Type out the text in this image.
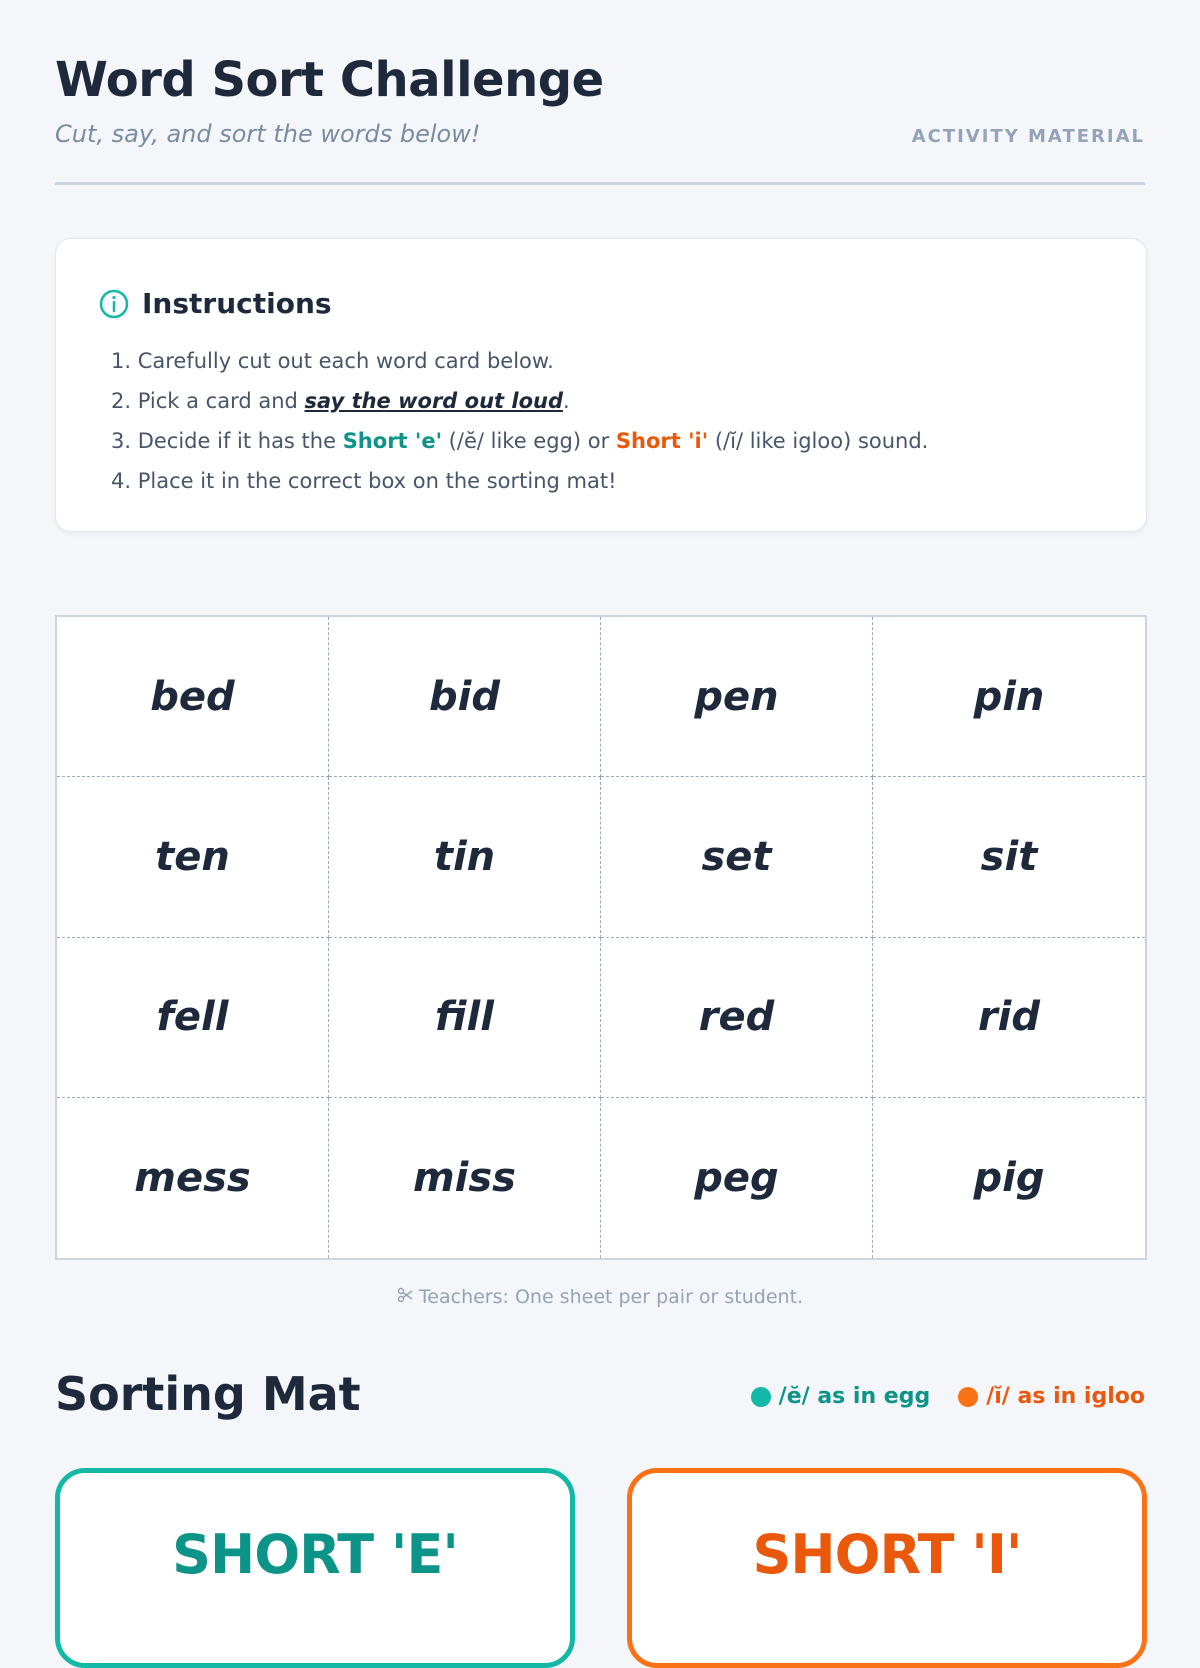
Word Sort Challenge
Cut, say, and sort the words below!	ACTIVITY MATERIAL
Instructions
1. Carefully cut out each word card below.
2. Pick a card and say the word out loud.
3. Decide if it has the Short 'e' (/ĕ/ like egg) or Short 'i' (/ĭ/ like igloo) sound.
4. Place it in the correct box on the sorting mat!
bed	bid	pen	pin
ten	tin	set	sit
fell	fill	red	rid
mess	miss	peg	pig
Teachers: One sheet per pair or student.
Sorting Mat	/ĕ/ as in egg	/ĭ/ as in igloo
SHORT 'E'	SHORT 'I'
